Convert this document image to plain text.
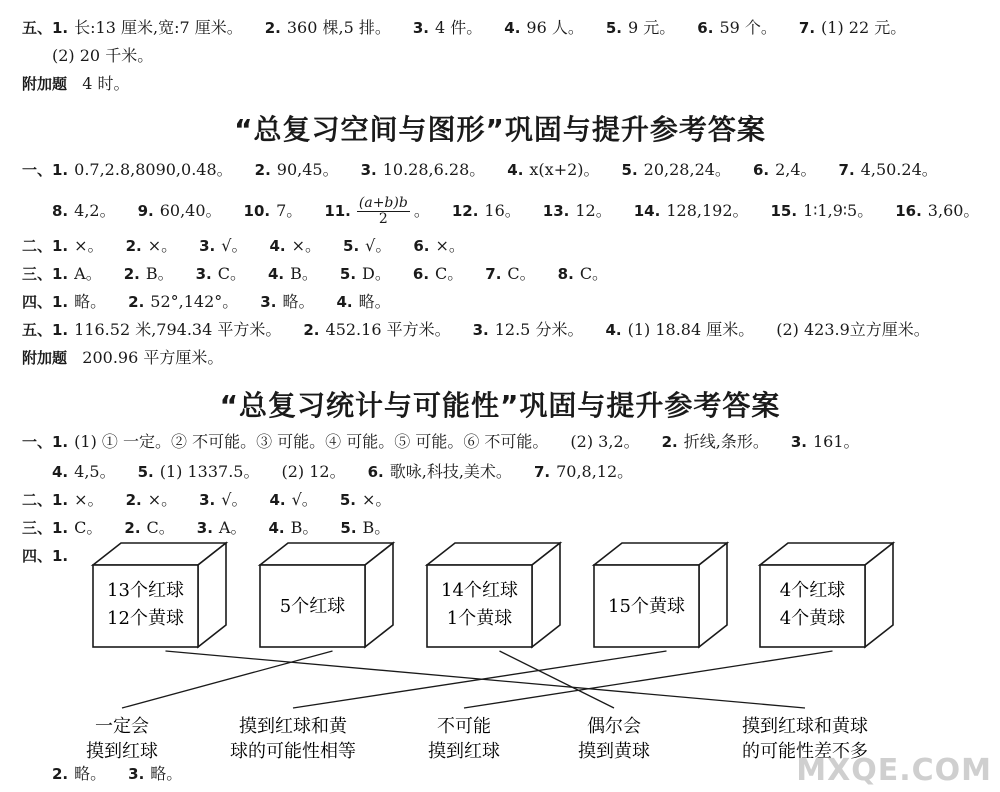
五、1. 长:13 厘米,宽:7 厘米。 2. 360 棵,5 排。 3. 4 件。 4. 96 人。 5. 9 元。 6. 59 个。 7. (1) 22 元。
(2) 20 千米。
附加题 4 时。
“总复习空间与图形”巩固与提升参考答案
一、1. 0.7,2.8,8090,0.48。 2. 90,45。 3. 10.28,6.28。 4. x(x+2)。 5. 20,28,24。 6. 2,4。 7. 4,50.24。
8. 4,2。 9. 60,40。 10. 7。 11. $\frac{(a+b)b}{2}$ 。 12. 16。 13. 12。 14. 128,192。 15. 1∶1,9∶5。 16. 3,60。
二、1. ×。 2. ×。 3. √。 4. ×。 5. √。 6. ×。
三、1. A。 2. B。 3. C。 4. B。 5. D。 6. C。 7. C。 8. C。
四、1. 略。 2. 52°,142°。 3. 略。 4. 略。
五、1. 116.52 米,794.34 平方米。 2. 452.16 平方米。 3. 12.5 分米。 4. (1) 18.84 厘米。 (2) 423.9立方厘米。
附加题 200.96 平方厘米。
“总复习统计与可能性”巩固与提升参考答案
一、1. (1) ① 一定。② 不可能。③ 可能。④ 可能。⑤ 可能。⑥ 不可能。 (2) 3,2。 2. 折线,条形。 3. 161。
4. 4,5。 5. (1) 1337.5。 (2) 12。 6. 歌咏,科技,美术。 7. 70,8,12。
二、1. ×。 2. ×。 3. √。 4. √。 5. ×。
三、1. C。 2. C。 3. A。 4. B。 5. B。
四、1.
13个红球
12个黄球
5个红球
14个红球
1个黄球
15个黄球
4个红球
4个黄球
一定会
摸到红球
摸到红球和黄
球的可能性相等
不可能
摸到红球
偶尔会
摸到黄球
摸到红球和黄球
的可能性差不多
2. 略。 3. 略。	MXQE.COM
